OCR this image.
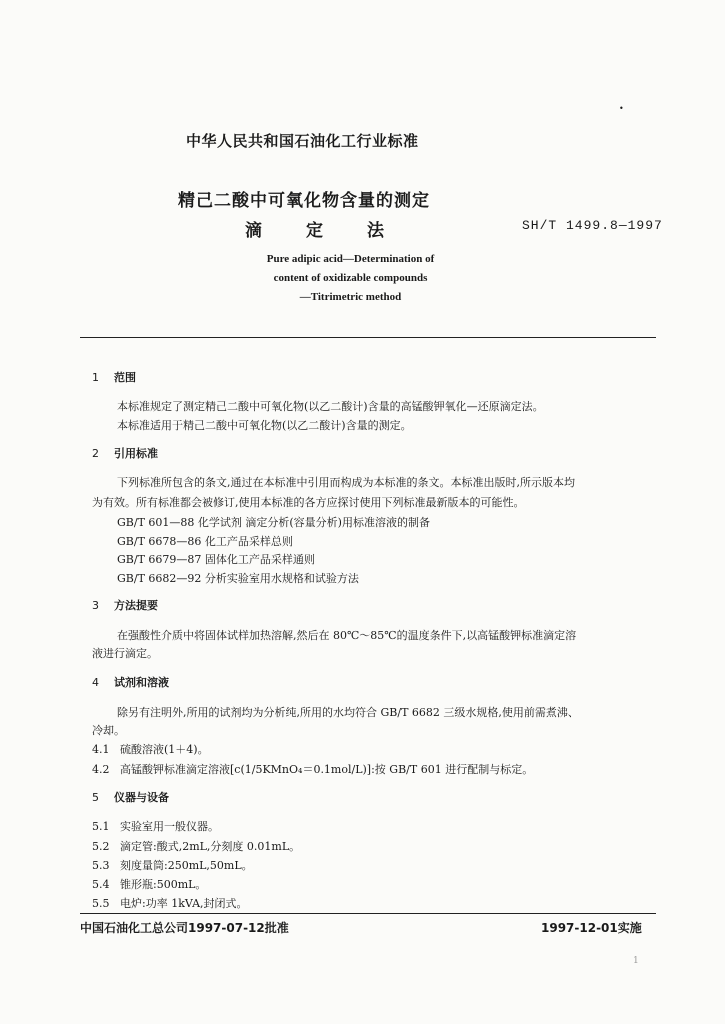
•
中华人民共和国石油化工行业标准
精己二酸中可氧化物含量的测定
滴	定	法	SH/T 1499.8—1997
Pure adipic acid—Determination of
content of oxidizable compounds
—Titrimetric method
1 范围
本标准规定了测定精己二酸中可氧化物(以乙二酸计)含量的高锰酸钾氧化—还原滴定法。
本标准适用于精己二酸中可氧化物(以乙二酸计)含量的测定。
2 引用标准
下列标准所包含的条文,通过在本标准中引用而构成为本标准的条文。本标准出版时,所示版本均
为有效。所有标准都会被修订,使用本标准的各方应探讨使用下列标准最新版本的可能性。
GB/T 601—88 化学试剂 滴定分析(容量分析)用标准溶液的制备
GB/T 6678—86 化工产品采样总则
GB/T 6679—87 固体化工产品采样通则
GB/T 6682—92 分析实验室用水规格和试验方法
3 方法提要
在强酸性介质中将固体试样加热溶解,然后在 80℃～85℃的温度条件下,以高锰酸钾标准滴定溶
液进行滴定。
4 试剂和溶液
除另有注明外,所用的试剂均为分析纯,所用的水均符合 GB/T 6682 三级水规格,使用前需煮沸、
冷却。
4.1 硫酸溶液(1＋4)。
4.2 高锰酸钾标准滴定溶液[c(1/5KMnO₄＝0.1mol/L)]:按 GB/T 601 进行配制与标定。
5 仪器与设备
5.1 实验室用一般仪器。
5.2 滴定管:酸式,2mL,分刻度 0.01mL。
5.3 刻度量筒:250mL,50mL。
5.4 锥形瓶:500mL。
5.5 电炉:功率 1kVA,封闭式。
中国石油化工总公司1997-07-12批准	1997-12-01实施
1
